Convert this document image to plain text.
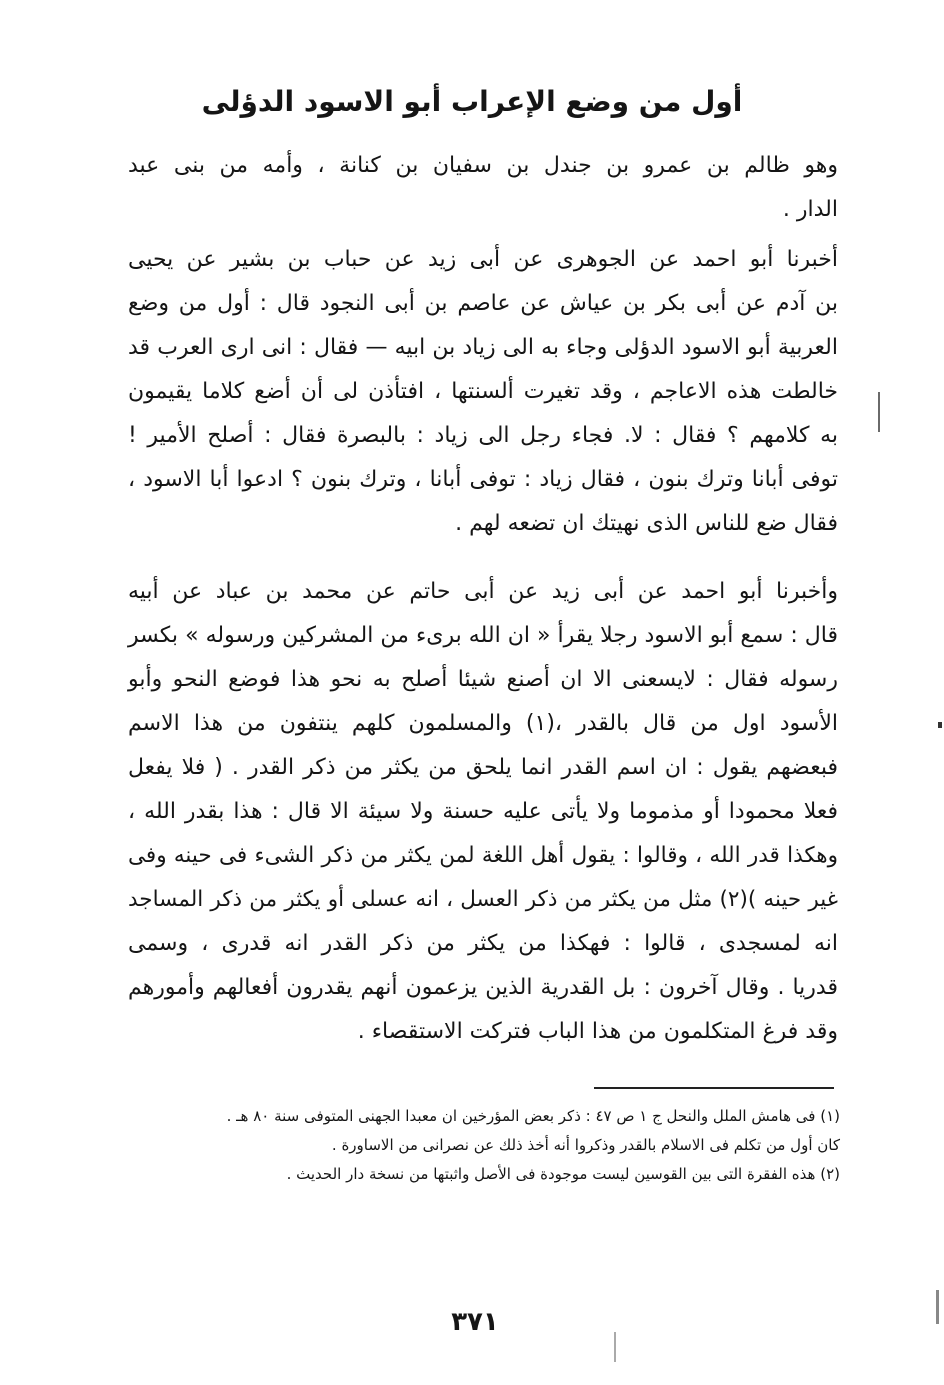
أول من وضع الإعراب أبو الاسود الدؤلى
وهو ظالم بن عمرو بن جندل بن سفيان بن كنانة ، وأمه من بنى عبد
الدار .
أخبرنا أبو احمد عن الجوهرى عن أبى زيد عن حباب بن بشير عن يحيى
بن آدم عن أبى بكر بن عياش عن عاصم بن أبى النجود قال : أول من وضع
العربية أبو الاسود الدؤلى وجاء به الى زياد بن ابيه — فقال : انى ارى العرب قد
خالطت هذه الاعاجم ، وقد تغيرت ألسنتها ، افتأذن لى أن أضع كلاما يقيمون
به كلامهم ؟ فقال : لا. فجاء رجل الى زياد : بالبصرة فقال : أصلح الأمير !
توفى أبانا وترك بنون ، فقال زياد : توفى أبانا ، وترك بنون ؟ ادعوا أبا الاسود ،
فقال ضع للناس الذى نهيتك ان تضعه لهم .
وأخبرنا أبو احمد عن أبى زيد عن أبى حاتم عن محمد بن عباد عن أبيه
قال : سمع أبو الاسود رجلا يقرأ « ان الله برىء من المشركين ورسوله » بكسر
رسوله فقال : لايسعنى الا ان أصنع شيئا أصلح به نحو هذا فوضع النحو وأبو
الأسود اول من قال بالقدر ،(١) والمسلمون كلهم ينتفون من هذا الاسم
فبعضهم يقول : ان اسم القدر انما يلحق من يكثر من ذكر القدر . ( فلا يفعل
فعلا محمودا أو مذموما ولا يأتى عليه حسنة ولا سيئة الا قال : هذا بقدر الله ،
وهكذا قدر الله ، وقالوا : يقول أهل اللغة لمن يكثر من ذكر الشىء فى حينه وفى
غير حينه )(٢) مثل من يكثر من ذكر العسل ، انه عسلى أو يكثر من ذكر المساجد
انه لمسجدى ، قالوا : فهكذا من يكثر من ذكر القدر انه قدرى ، وسمى
قدريا . وقال آخرون : بل القدرية الذين يزعمون أنهم يقدرون أفعالهم وأمورهم
وقد فرغ المتكلمون من هذا الباب فتركت الاستقصاء .
(١) فى هامش الملل والنحل ج ١ ص ٤٧ : ذكر بعض المؤرخين ان معبدا الجهنى المتوفى سنة ٨٠ هـ .
كان أول من تكلم فى الاسلام بالقدر وذكروا أنه أخذ ذلك عن نصرانى من الاساورة .
(٢) هذه الفقرة التى بين القوسين ليست موجودة فى الأصل واثبتها من نسخة دار الحديث .
٣٧١
